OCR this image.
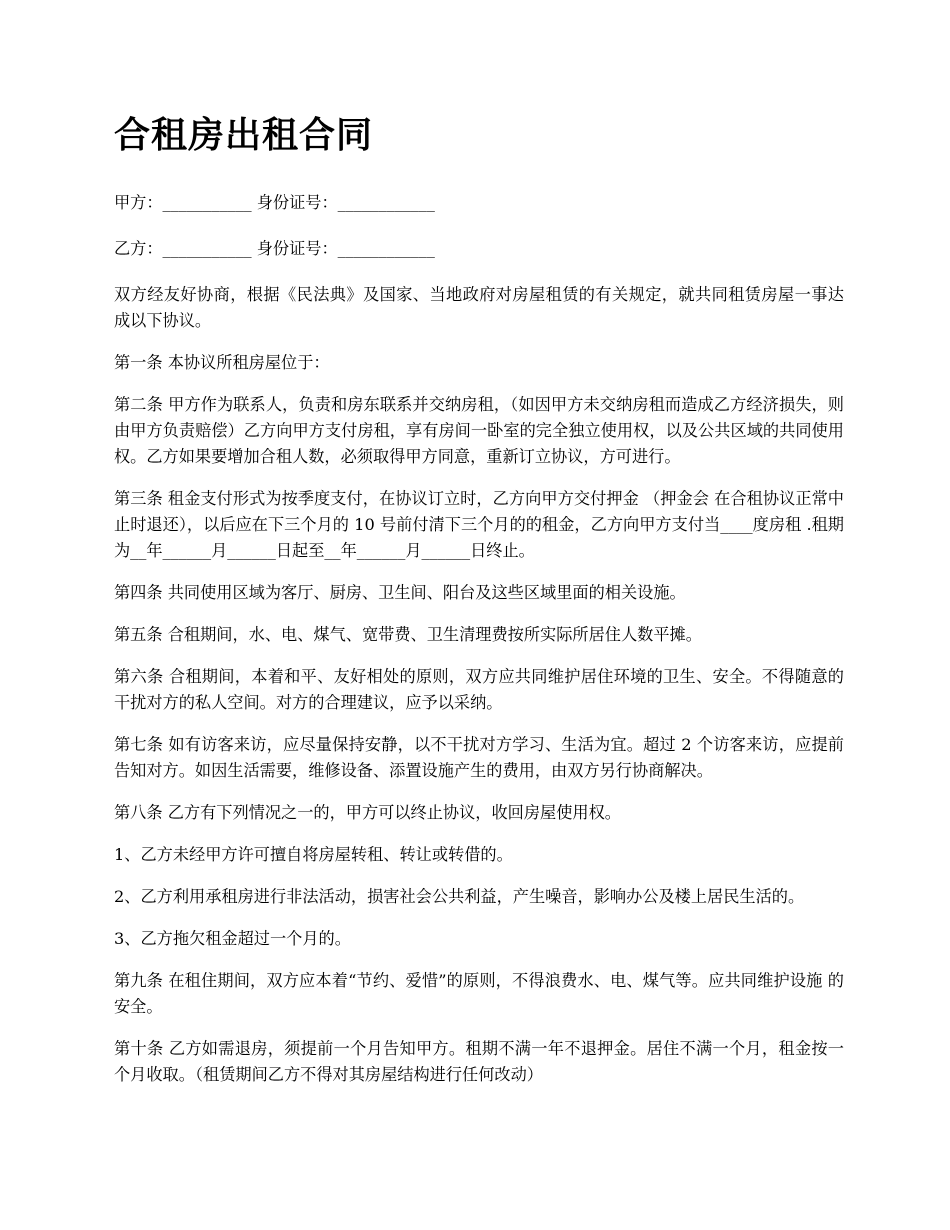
合租房出租合同

甲方：___________ 身份证号：____________

乙方：___________ 身份证号：____________

双方经友好协商，根据《民法典》及国家、当地政府对房屋租赁的有关规定，就共同租赁房屋一事达 成以下协议。

第一条 本协议所租房屋位于：

第二条 甲方作为联系人，负责和房东联系并交纳房租，（如因甲方未交纳房租而造成乙方经济损失，则 由甲方负责赔偿）乙方向甲方支付房租，享有房间一卧室的完全独立使用权，以及公共区域的共同使用 权。乙方如果要增加合租人数，必须取得甲方同意，重新订立协议，方可进行。

第三条 租金支付形式为按季度支付，在协议订立时，乙方向甲方交付押金 （押金会 在合租协议正常中止时退还），以后应在下三个月的 10 号前付清下三个月的的租金，乙方向甲方支付当____度房租 .租期为__年______月______日起至__年______月______日终止。

第四条 共同使用区域为客厅、厨房、卫生间、阳台及这些区域里面的相关设施。

第五条 合租期间，水、电、煤气、宽带费、卫生清理费按所实际所居住人数平摊。

第六条 合租期间，本着和平、友好相处的原则，双方应共同维护居住环境的卫生、安全。不得随意的 干扰对方的私人空间。对方的合理建议，应予以采纳。

第七条 如有访客来访，应尽量保持安静，以不干扰对方学习、生活为宜。超过 2 个访客来访，应提前 告知对方。如因生活需要，维修设备、添置设施产生的费用，由双方另行协商解决。

第八条 乙方有下列情况之一的，甲方可以终止协议，收回房屋使用权。

1、乙方未经甲方许可擅自将房屋转租、转让或转借的。

2、乙方利用承租房进行非法活动，损害社会公共利益，产生噪音，影响办公及楼上居民生活的。

3、乙方拖欠租金超过一个月的。

第九条 在租住期间，双方应本着“节约、爱惜”的原则，不得浪费水、电、煤气等。应共同维护设施 的安全。

第十条 乙方如需退房，须提前一个月告知甲方。租期不满一年不退押金。居住不满一个月，租金按一 个月收取。（租赁期间乙方不得对其房屋结构进行任何改动）
